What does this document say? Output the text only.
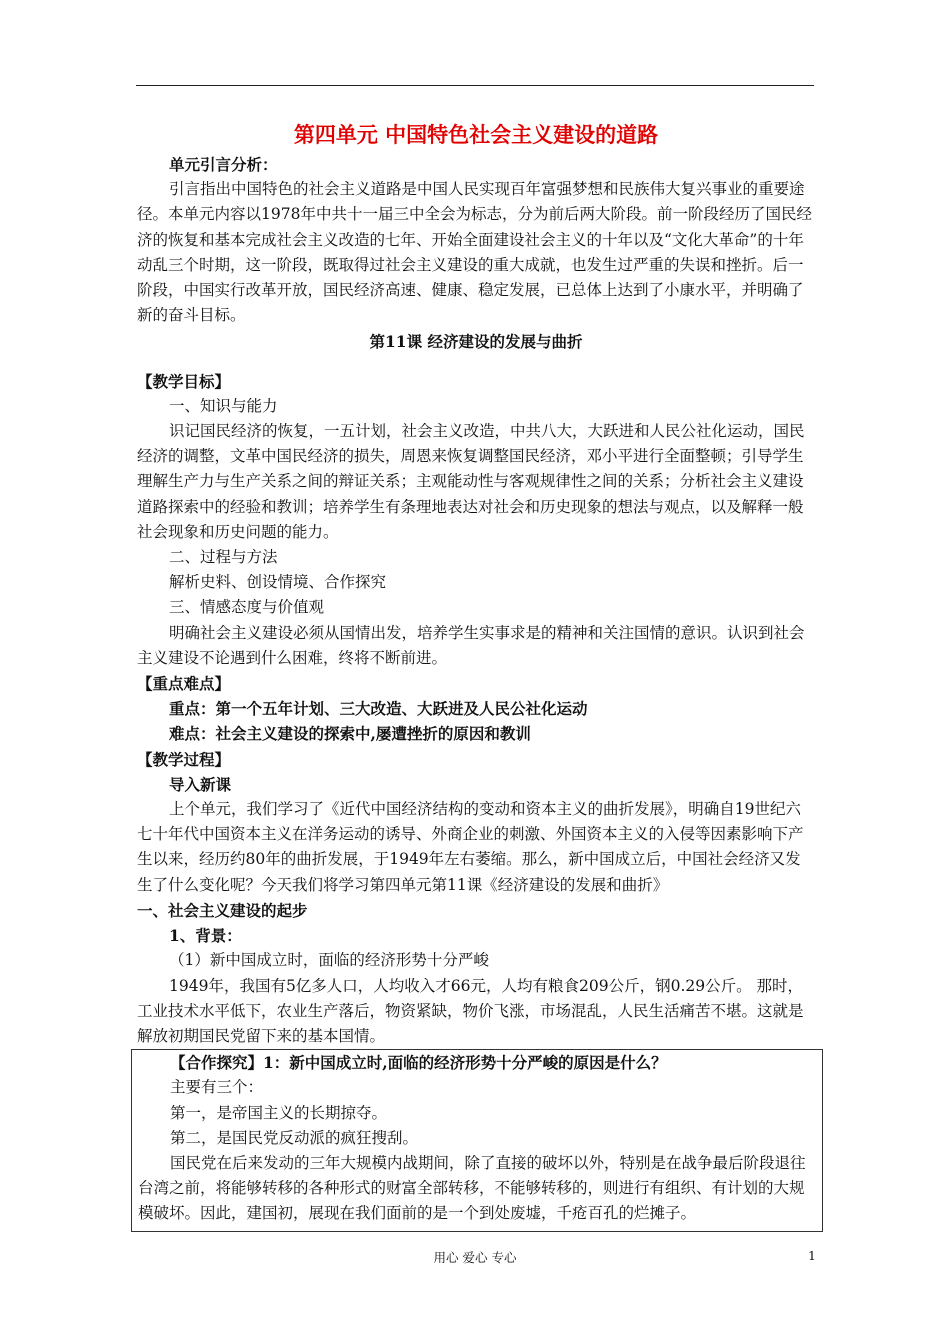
第四单元 中国特色社会主义建设的道路

单元引言分析：

引言指出中国特色的社会主义道路是中国人民实现百年富强梦想和民族伟大复兴事业的重要途径。本单元内容以1978年中共十一届三中全会为标志，分为前后两大阶段。前一阶段经历了国民经济的恢复和基本完成社会主义改造的七年、开始全面建设社会主义的十年以及“文化大革命”的十年动乱三个时期，这一阶段，既取得过社会主义建设的重大成就，也发生过严重的失误和挫折。后一阶段，中国实行改革开放，国民经济高速、健康、稳定发展，已总体上达到了小康水平，并明确了新的奋斗目标。

第11课 经济建设的发展与曲折

【教学目标】

一、知识与能力

识记国民经济的恢复，一五计划，社会主义改造，中共八大，大跃进和人民公社化运动，国民经济的调整，文革中国民经济的损失，周恩来恢复调整国民经济，邓小平进行全面整顿；引导学生理解生产力与生产关系之间的辩证关系；主观能动性与客观规律性之间的关系；分析社会主义建设道路探索中的经验和教训；培养学生有条理地表达对社会和历史现象的想法与观点，以及解释一般社会现象和历史问题的能力。

二、过程与方法

解析史料、创设情境、合作探究

三、情感态度与价值观

明确社会主义建设必须从国情出发，培养学生实事求是的精神和关注国情的意识。认识到社会主义建设不论遇到什么困难，终将不断前进。

【重点难点】

重点：第一个五年计划、三大改造、大跃进及人民公社化运动

难点：社会主义建设的探索中,屡遭挫折的原因和教训

【教学过程】

导入新课

上个单元，我们学习了《近代中国经济结构的变动和资本主义的曲折发展》，明确自19世纪六七十年代中国资本主义在洋务运动的诱导、外商企业的刺激、外国资本主义的入侵等因素影响下产生以来，经历约80年的曲折发展，于1949年左右萎缩。那么，新中国成立后，中国社会经济又发生了什么变化呢？今天我们将学习第四单元第11课《经济建设的发展和曲折》

一、社会主义建设的起步

1、背景：

（1）新中国成立时，面临的经济形势十分严峻

1949年，我国有5亿多人口，人均收入才66元，人均有粮食209公斤，钢0.29公斤。 那时，工业技术水平低下，农业生产落后，物资紧缺，物价飞涨，市场混乱，人民生活痛苦不堪。这就是解放初期国民党留下来的基本国情。

【合作探究】1：新中国成立时,面临的经济形势十分严峻的原因是什么？

主要有三个：

第一，是帝国主义的长期掠夺。

第二，是国民党反动派的疯狂搜刮。

国民党在后来发动的三年大规模内战期间，除了直接的破坏以外，特别是在战争最后阶段退往台湾之前，将能够转移的各种形式的财富全部转移，不能够转移的，则进行有组织、有计划的大规模破坏。因此，建国初，展现在我们面前的是一个到处废墟，千疮百孔的烂摊子。

用心 爱心 专心	1
